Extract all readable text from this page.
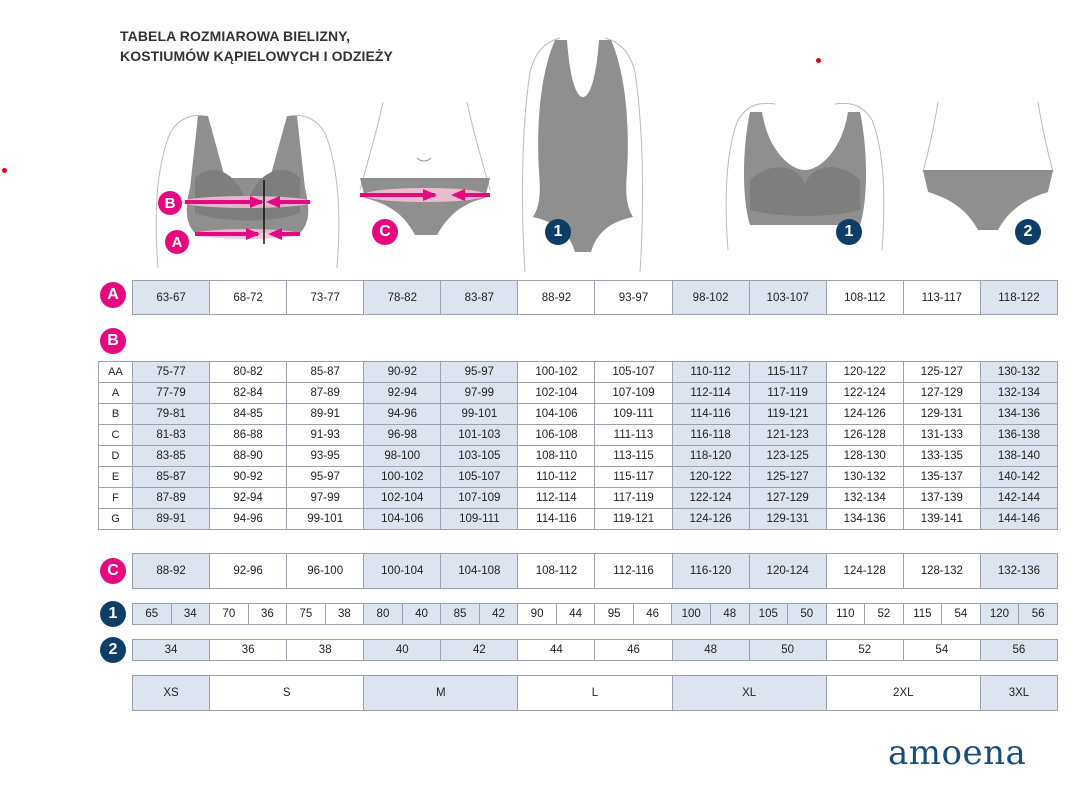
TABELA ROZMIAROWA BIELIZNY,
KOSTIUMÓW KĄPIELOWYCH I ODZIEŻY
B
A
C	1	1	2
A
B
C
1
2
63-67	68-72	73-77	78-82	83-87	88-92	93-97	98-102	103-107	108-112	113-117	118-122
AA	75-77	80-82	85-87	90-92	95-97	100-102	105-107	110-112	115-117	120-122	125-127	130-132
A	77-79	82-84	87-89	92-94	97-99	102-104	107-109	112-114	117-119	122-124	127-129	132-134
B	79-81	84-85	89-91	94-96	99-101	104-106	109-111	114-116	119-121	124-126	129-131	134-136
C	81-83	86-88	91-93	96-98	101-103	106-108	111-113	116-118	121-123	126-128	131-133	136-138
D	83-85	88-90	93-95	98-100	103-105	108-110	113-115	118-120	123-125	128-130	133-135	138-140
E	85-87	90-92	95-97	100-102	105-107	110-112	115-117	120-122	125-127	130-132	135-137	140-142
F	87-89	92-94	97-99	102-104	107-109	112-114	117-119	122-124	127-129	132-134	137-139	142-144
G	89-91	94-96	99-101	104-106	109-111	114-116	119-121	124-126	129-131	134-136	139-141	144-146
88-92	92-96	96-100	100-104	104-108	108-112	112-116	116-120	120-124	124-128	128-132	132-136
65	34	70	36	75	38	80	40	85	42	90	44	95	46	100	48	105	50	110	52	115	54	120	56
34	36	38	40	42	44	46	48	50	52	54	56
XS	S	M	L	XL	2XL	3XL
amoena
